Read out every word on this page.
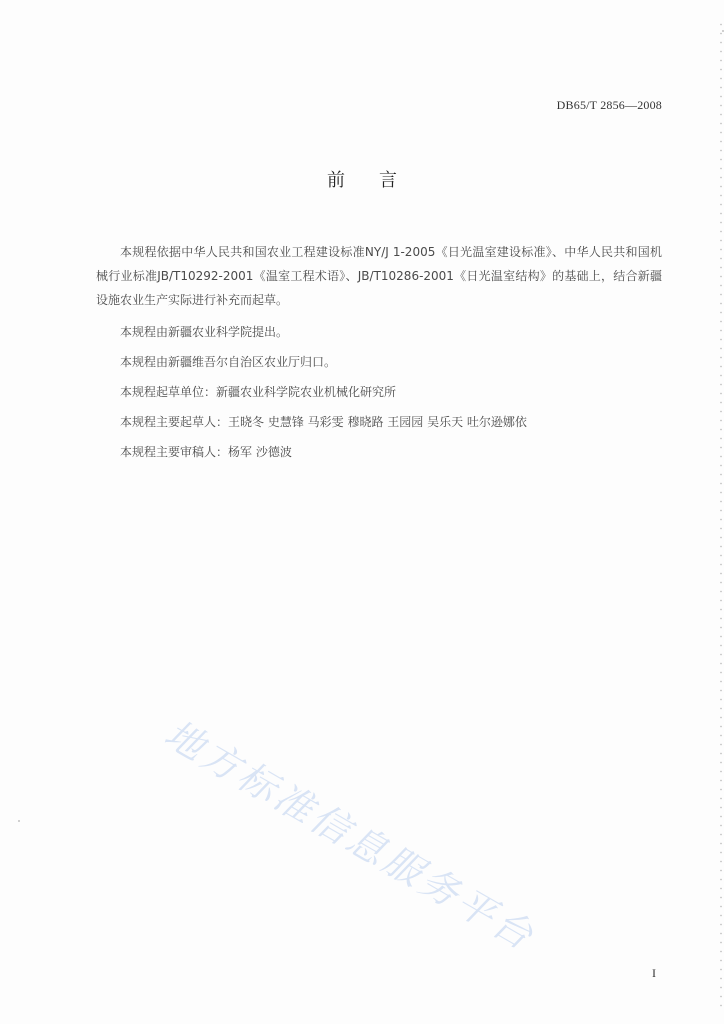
DB65/T 2856—2008
前言

本规程依据中华人民共和国农业工程建设标准NY/J 1-2005《日光温室建设标准》、中华人民共和国机械行业标准JB/T10292-2001《温室工程术语》、JB/T10286-2001《日光温室结构》的基础上，结合新疆设施农业生产实际进行补充而起草。

本规程由新疆农业科学院提出。

本规程由新疆维吾尔自治区农业厅归口。

本规程起草单位：新疆农业科学院农业机械化研究所

本规程主要起草人：王晓冬 史慧锋 马彩雯 穆晓路 王园园 吴乐天 吐尔逊娜依

本规程主要审稿人：杨军 沙德波

地方标准信息服务平台
I
